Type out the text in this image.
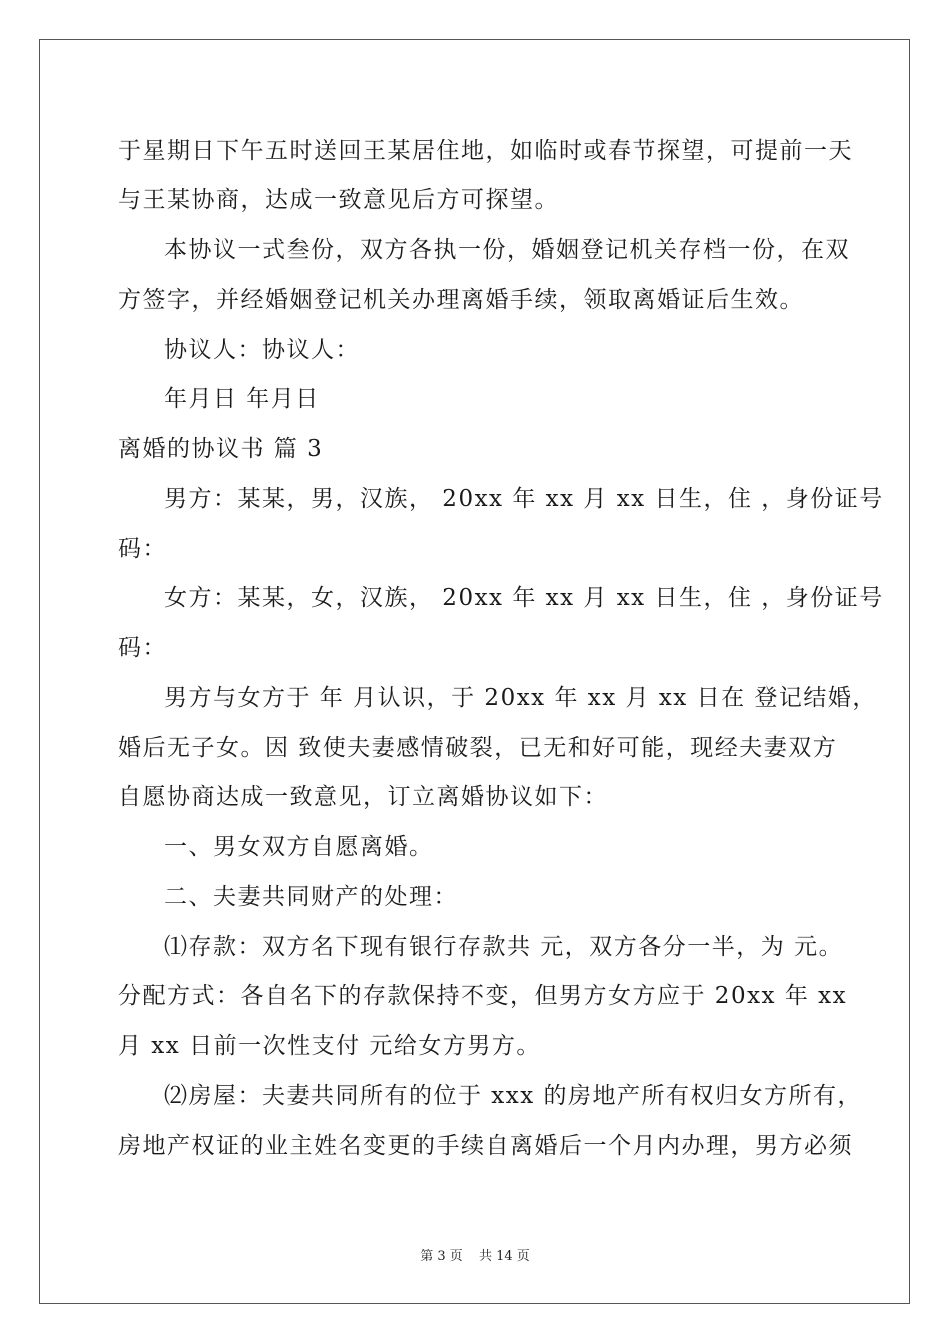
于星期日下午五时送回王某居住地，如临时或春节探望，可提前一天
与王某协商，达成一致意见后方可探望。
本协议一式叁份，双方各执一份，婚姻登记机关存档一份，在双
方签字，并经婚姻登记机关办理离婚手续，领取离婚证后生效。
协议人：协议人：
年月日 年月日
离婚的协议书 篇 3
男方：某某，男，汉族， 20xx 年 xx 月 xx 日生，住 ，身份证号
码：
女方：某某，女，汉族， 20xx 年 xx 月 xx 日生，住 ，身份证号
码：
男方与女方于 年 月认识，于 20xx 年 xx 月 xx 日在 登记结婚，
婚后无子女。因 致使夫妻感情破裂，已无和好可能，现经夫妻双方
自愿协商达成一致意见，订立离婚协议如下：
一、男女双方自愿离婚。
二、夫妻共同财产的处理：
⑴存款：双方名下现有银行存款共 元，双方各分一半，为 元。
分配方式：各自名下的存款保持不变，但男方女方应于 20xx 年 xx
月 xx 日前一次性支付 元给女方男方。
⑵房屋：夫妻共同所有的位于 xxx 的房地产所有权归女方所有，
房地产权证的业主姓名变更的手续自离婚后一个月内办理，男方必须
第 3 页 共 14 页
